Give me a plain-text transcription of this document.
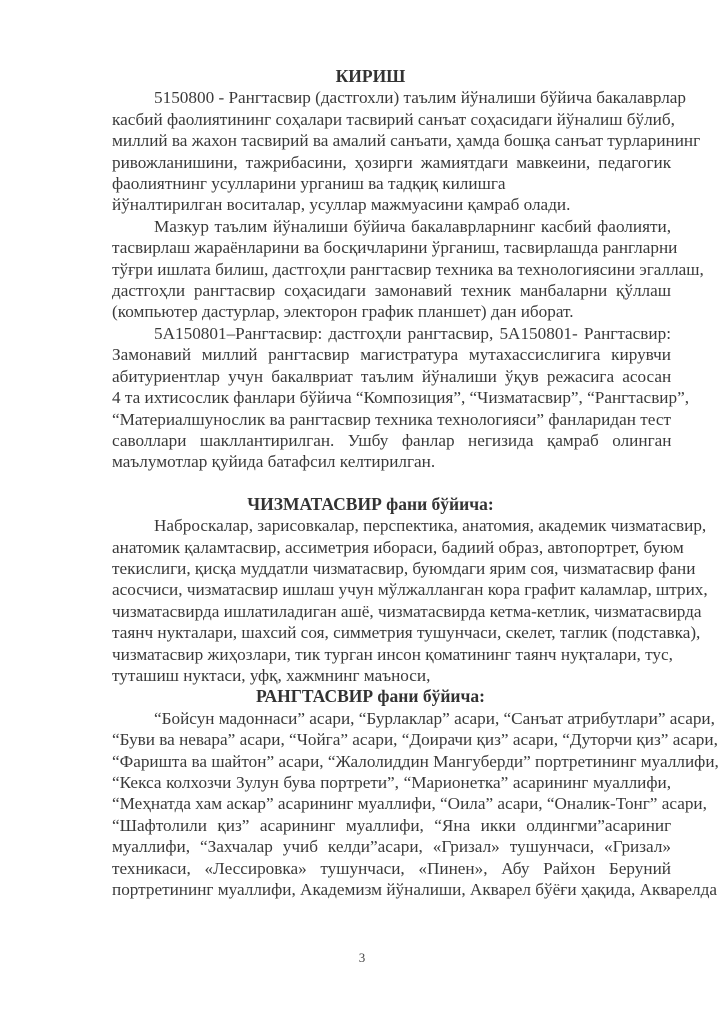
КИРИШ
5150800 - Рангтасвир (дастгохли) таълим йўналиши бўйича бакалаврлар
касбий фаолиятининг соҳалари тасвирий санъат соҳасидаги йўналиш бўлиб,
миллий ва жахон тасвирий ва амалий санъати, ҳамда бошқа санъат турларининг
ривожланишини, тажрибасини, ҳозирги жамиятдаги мавкеини, педагогик
фаолиятнинг усулларини урганиш ва тадқиқ килишга
йўналтирилган воситалар, усуллар мажмуасини қамраб олади.
Мазкур таълим йўналиши бўйича бакалаврларнинг касбий фаолияти,
тасвирлаш жараёнларини ва босқичларини ўрганиш, тасвирлашда рангларни
тўғри ишлата билиш, дастгоҳли рангтасвир техника ва технологиясини эгаллаш,
дастгоҳли рангтасвир соҳасидаги замонавий техник манбаларни қўллаш
(компьютер дастурлар, электорон график планшет) дан иборат.
5A150801–Рангтасвир: дастгоҳли рангтасвир, 5A150801- Рангтасвир:
Замонавий миллий рангтасвир магистратура мутахассислигига кирувчи
абитуриентлар учун бакалвриат таълим йўналиши ўқув режасига асосан
4 та ихтисослик фанлари бўйича “Композиция”, “Чизматасвир”, “Рангтасвир”,
“Материалшунослик ва рангтасвир техника технологияси” фанларидан тест
саволлари шакллантирилган. Ушбу фанлар негизида қамраб олинган
маълумотлар қуйида батафсил келтирилган.
ЧИЗМАТАСВИР фани бўйича:
Наброскалар, зарисовкалар, перспектика, анатомия, академик чизматасвир,
анатомик қаламтасвир, ассиметрия ибораси, бадиий образ, автопортрет, буюм
текислиги, қисқа муддатли чизматасвир, буюмдаги ярим соя, чизматасвир фани
асосчиси, чизматасвир ишлаш учун мўлжалланган кора графит каламлар, штрих,
чизматасвирда ишлатиладиган ашё, чизматасвирда кетма-кетлик, чизматасвирда
таянч нукталари, шахсий соя, симметрия тушунчаси, скелет, таглик (подставка),
чизматасвир жиҳозлари, тик турган инсон қоматининг таянч нуқталари, тус,
туташиш нуктаси, уфқ, хажмнинг маъноси,
РАНГТАСВИР фани бўйича:
“Бойсун мадоннаси” асари, “Бурлаклар” асари, “Санъат атрибутлари” асари,
“Буви ва невара” асари, “Чойга” асари, “Доирачи қиз” асари, “Дуторчи қиз” асари,
“Фаришта ва шайтон” асари, “Жалолиддин Мангуберди” портретининг муаллифи,
“Кекса колхозчи Зулун бува портрети”, “Марионетка” асарининг муаллифи,
“Меҳнатда хам аскар” асарининг муаллифи, “Оила” асари, “Оналик-Тонг” асари,
“Шафтолили қиз” асарининг муаллифи, “Яна икки олдингми”асариниг
муаллифи, “Захчалар учиб келди”асари, «Гризал» тушунчаси, «Гризал»
техникаси, «Лессировка» тушунчаси, «Пинен», Абу Райхон Беруний
портретининг муаллифи, Академизм йўналиши, Акварел бўёғи ҳақида, Акварелда
3
